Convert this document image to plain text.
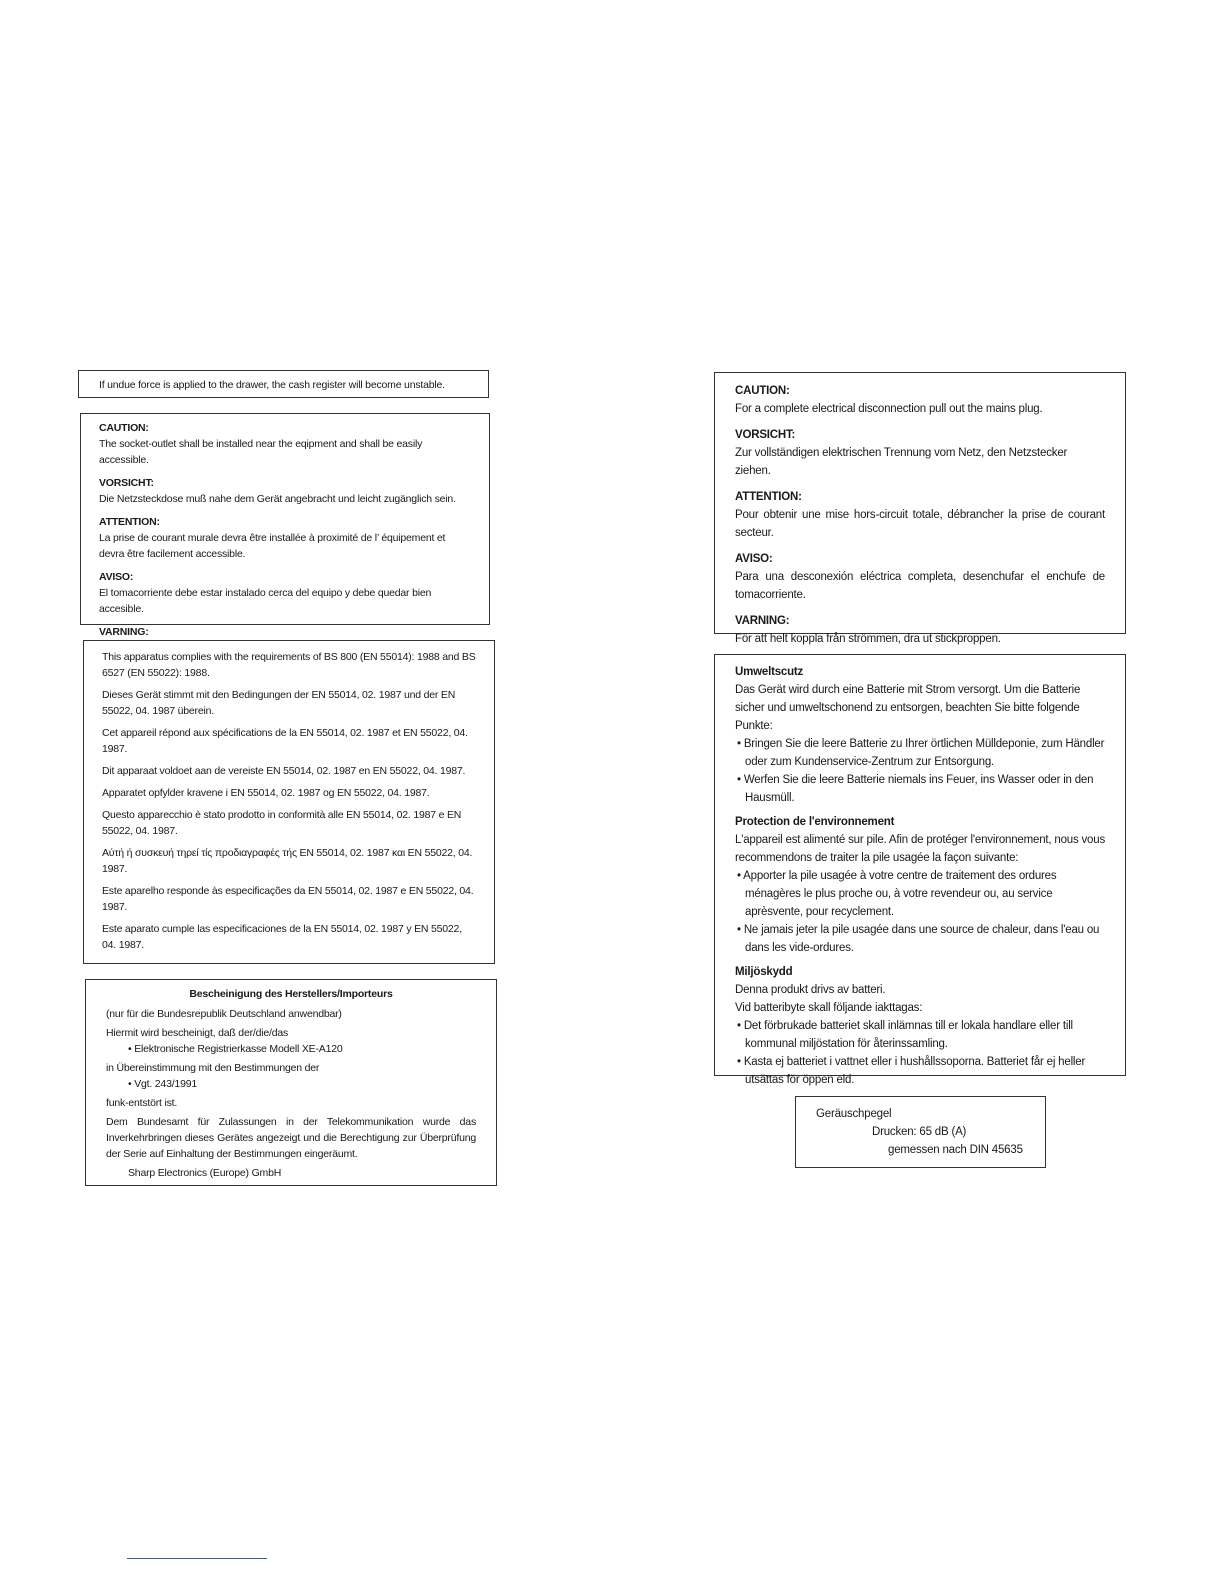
If undue force is applied to the drawer, the cash register will become unstable.

CAUTION:

The socket-outlet shall be installed near the eqipment and shall be easily accessible.

VORSICHT:

Die Netzsteckdose muß nahe dem Gerät angebracht und leicht zugänglich sein.

ATTENTION:

La prise de courant murale devra être installée à proximité de l’ équipement et devra être facilement accessible.

AVISO:

El tomacorriente debe estar instalado cerca del equipo y debe quedar bien accesible.

VARNING:

This apparatus complies with the requirements of BS 800 (EN 55014): 1988 and BS 6527 (EN 55022): 1988.

Dieses Gerät stimmt mit den Bedingungen der EN 55014, 02. 1987 und der EN 55022, 04. 1987 überein.

Cet appareil répond aux spécifications de la EN 55014, 02. 1987 et EN 55022, 04. 1987.

Dit apparaat voldoet aan de vereiste EN 55014, 02. 1987 en EN 55022, 04. 1987.

Apparatet opfylder kravene i EN 55014, 02. 1987 og EN 55022, 04. 1987.

Questo apparecchio è stato prodotto in conformità alle EN 55014, 02. 1987 e EN 55022, 04. 1987.

Αύτή ή συσκευή τηρεί τίς προδιαγραφές τής EN 55014, 02. 1987 και EN 55022, 04. 1987.

Este aparelho responde às especificações da EN 55014, 02. 1987 e EN 55022, 04. 1987.

Este aparato cumple las especificaciones de la EN 55014, 02. 1987 y EN 55022, 04. 1987.

Bescheinigung des Herstellers/Importeurs

(nur für die Bundesrepublik Deutschland anwendbar)

Hiermit wird bescheinigt, daß der/die/das

• Elektronische Registrierkasse Modell XE-A120

in Übereinstimmung mit den Bestimmungen der

• Vgt. 243/1991

funk-entstört ist.

Dem Bundesamt für Zulassungen in der Telekommunikation wurde das Inverkehrbringen dieses Gerätes angezeigt und die Berechtigung zur Überprüfung der Serie auf Einhaltung der Bestimmungen eingeräumt.

Sharp Electronics (Europe) GmbH

CAUTION:

For a complete electrical disconnection pull out the mains plug.

VORSICHT:

Zur vollständigen elektrischen Trennung vom Netz, den Netzstecker ziehen.

ATTENTION:

Pour obtenir une mise hors-circuit totale, débrancher la prise de courant secteur.

AVISO:

Para una desconexión eléctrica completa, desenchufar el enchufe de tomacorriente.

VARNING:

För att helt koppla från strömmen, dra ut stickproppen.

Umweltscutz

Das Gerät wird durch eine Batterie mit Strom versorgt. Um die Batterie sicher und umweltschonend zu entsorgen, beachten Sie bitte folgende Punkte:

• Bringen Sie die leere Batterie zu Ihrer örtlichen Mülldeponie, zum Händler oder zum Kundenservice-Zentrum zur Entsorgung.

• Werfen Sie die leere Batterie niemals ins Feuer, ins Wasser oder in den Hausmüll.

Protection de l'environnement

L'appareil est alimenté sur pile. Afin de protéger l'environnement, nous vous recommendons de traiter la pile usagée la façon suivante:

• Apporter la pile usagée à votre centre de traitement des ordures ménagères le plus proche ou, à votre revendeur ou, au service aprèsvente, pour recyclement.

• Ne jamais jeter la pile usagée dans une source de chaleur, dans l'eau ou dans les vide-ordures.

Miljöskydd

Denna produkt drivs av batteri.

Vid batteribyte skall följande iakttagas:

• Det förbrukade batteriet skall inlämnas till er lokala handlare eller till kommunal miljöstation för återinssamling.

• Kasta ej batteriet i vattnet eller i hushållssoporna. Batteriet får ej heller utsättas för öppen eld.

Geräuschpegel

Drucken: 65 dB (A)

gemessen nach DIN 45635
